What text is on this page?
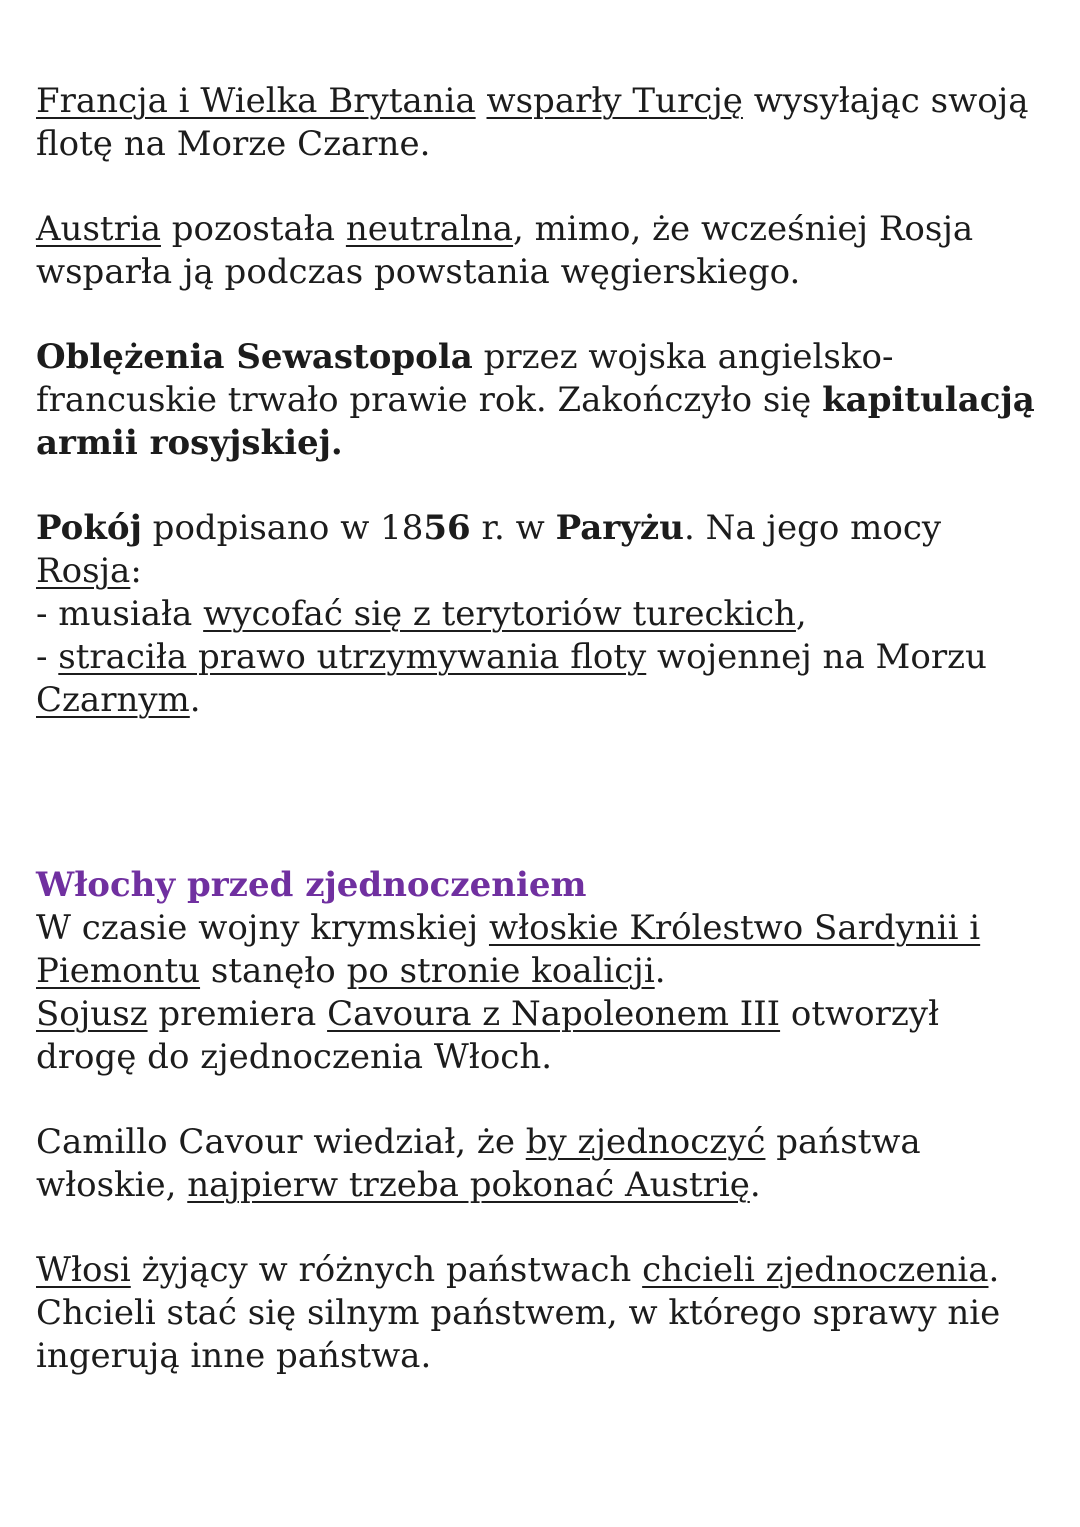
Francja i Wielka Brytania wsparły Turcję wysyłając swoją flotę na Morze Czarne.

Austria pozostała neutralna, mimo, że wcześniej Rosja wsparła ją podczas powstania węgierskiego.

Oblężenia Sewastopola przez wojska angielsko-francuskie trwało prawie rok. Zakończyło się kapitulacją armii rosyjskiej.

Pokój podpisano w 1856 r. w Paryżu. Na jego mocy Rosja:
- musiała wycofać się z terytoriów tureckich,
- straciła prawo utrzymywania floty wojennej na Morzu Czarnym.

Włochy przed zjednoczeniem
W czasie wojny krymskiej włoskie Królestwo Sardynii i Piemontu stanęło po stronie koalicji.
Sojusz premiera Cavoura z Napoleonem III otworzył drogę do zjednoczenia Włoch.

Camillo Cavour wiedział, że by zjednoczyć państwa włoskie, najpierw trzeba pokonać Austrię.

Włosi żyjący w różnych państwach chcieli zjednoczenia. Chcieli stać się silnym państwem, w którego sprawy nie ingerują inne państwa.
